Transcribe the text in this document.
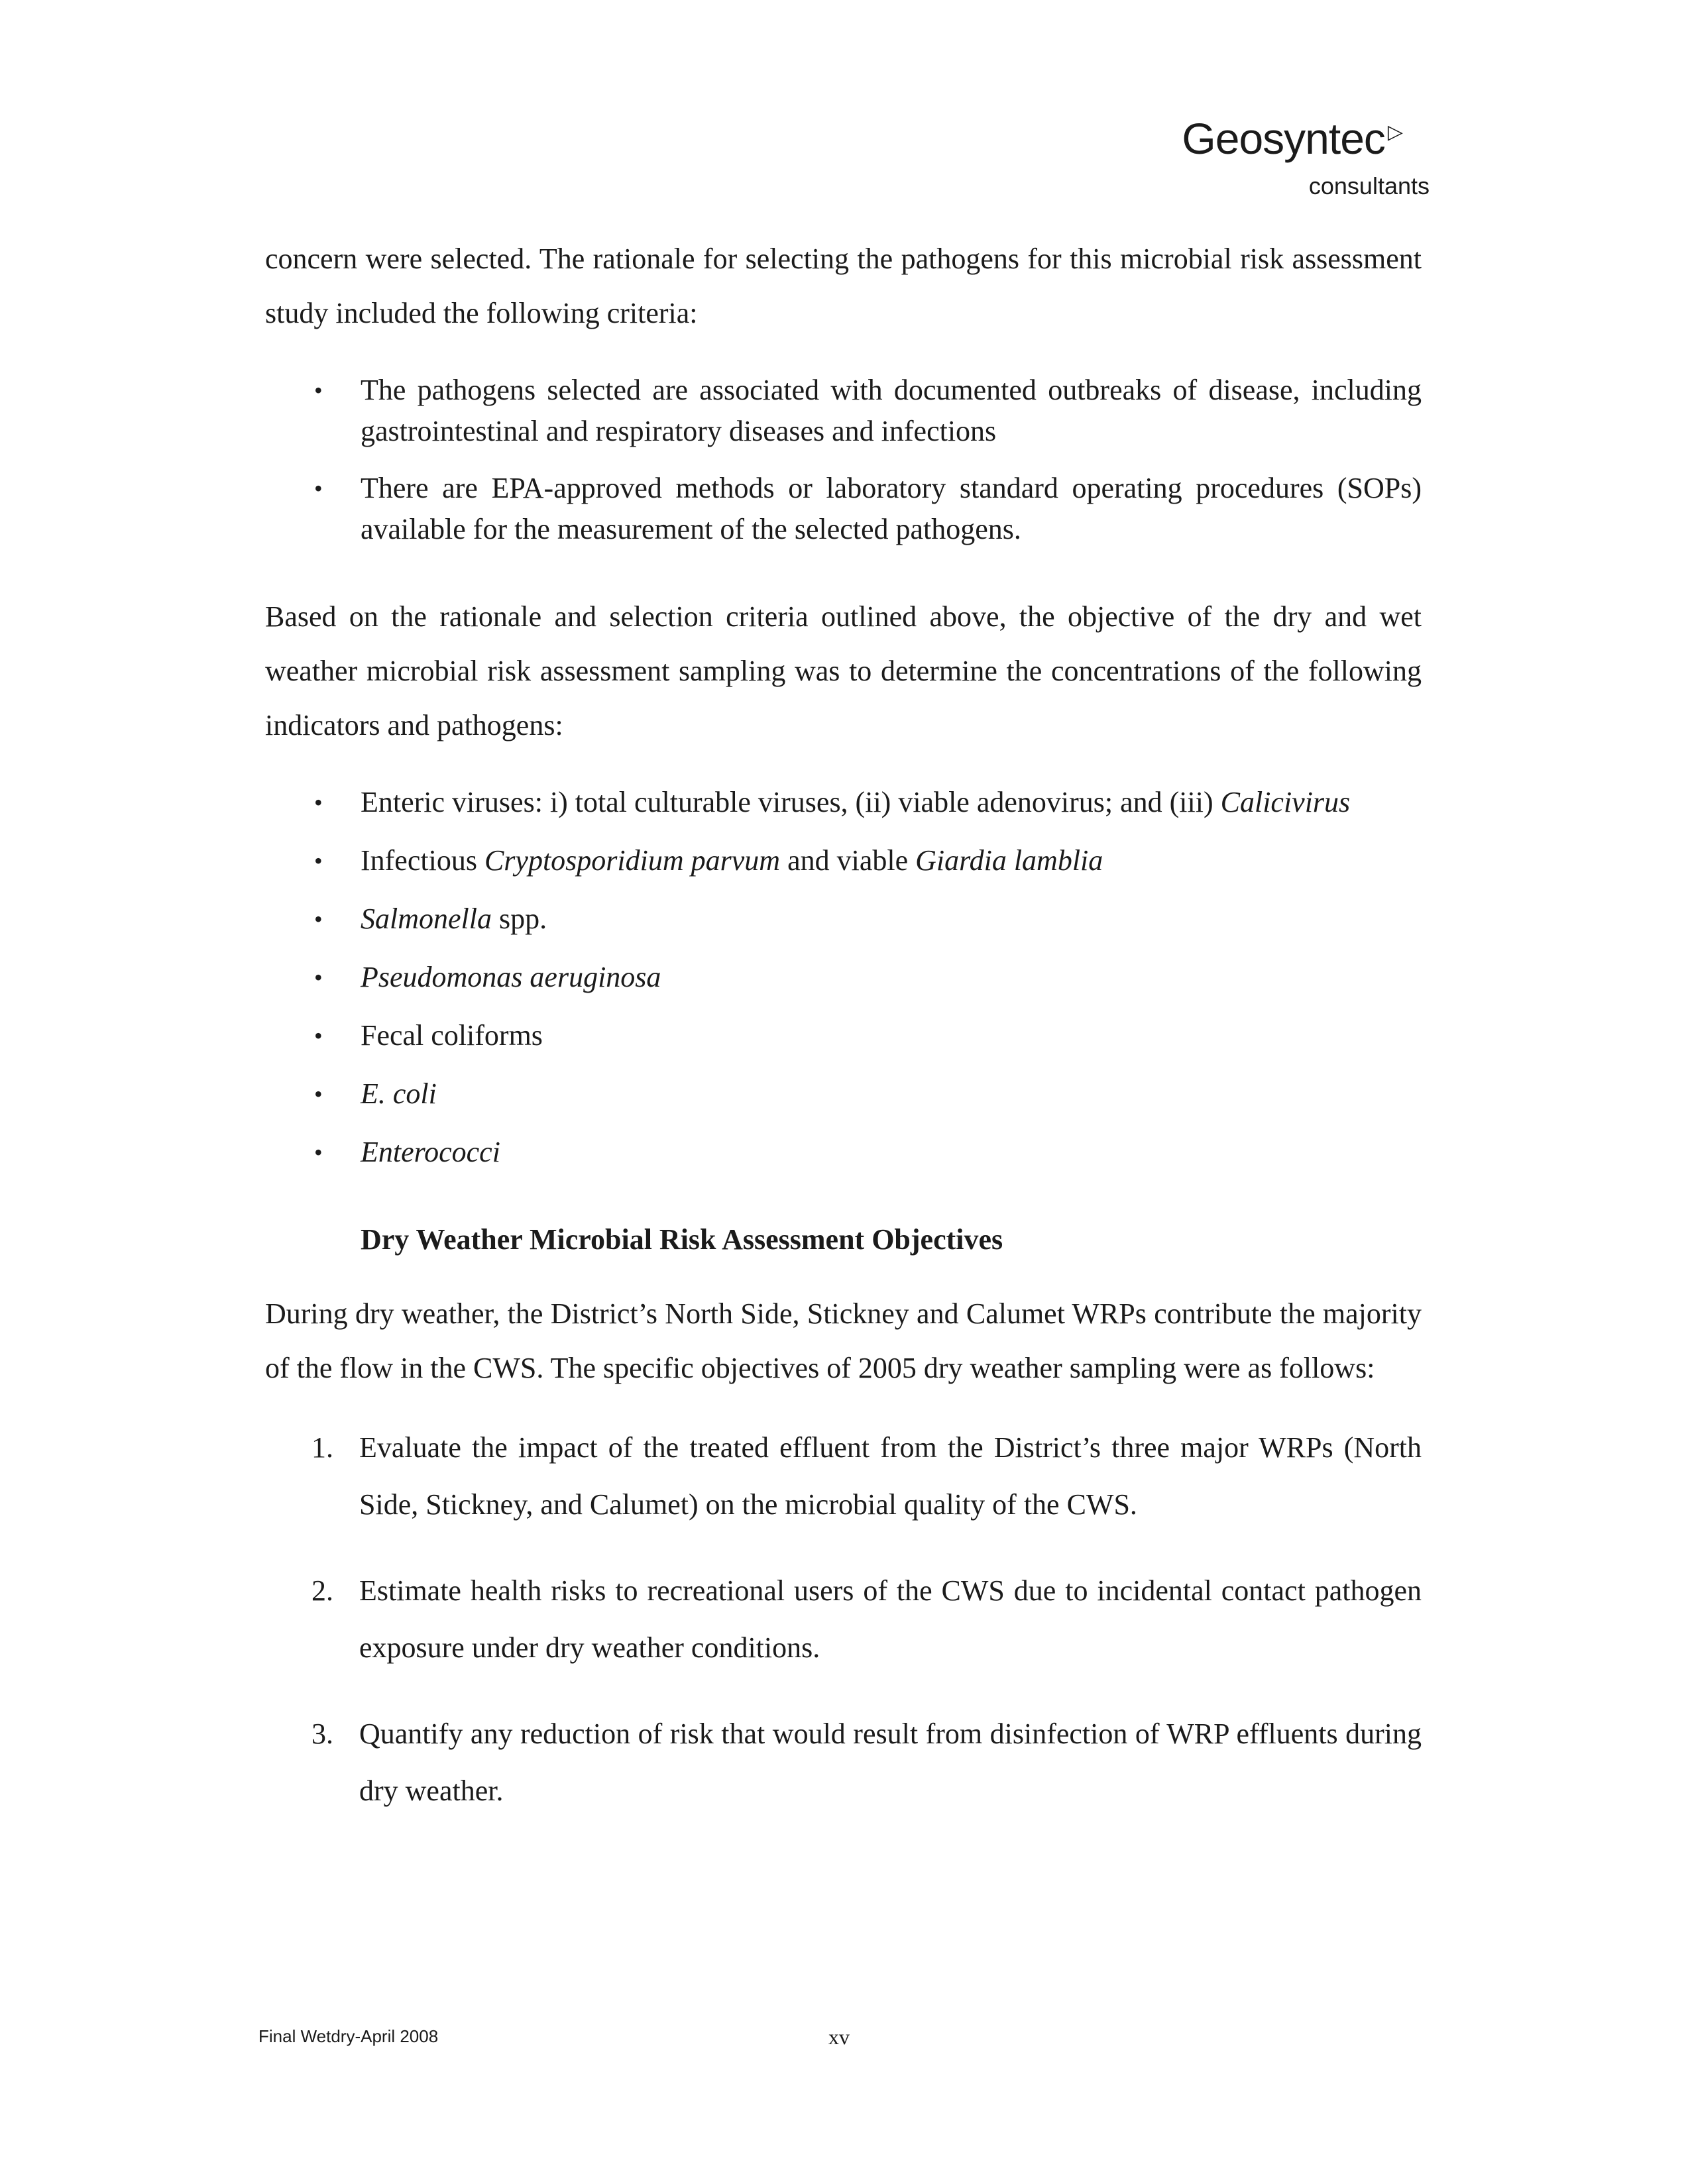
Geosyntec ▷
consultants

concern were selected. The rationale for selecting the pathogens for this microbial risk assessment study included the following criteria:

• The pathogens selected are associated with documented outbreaks of disease, including gastrointestinal and respiratory diseases and infections
• There are EPA-approved methods or laboratory standard operating procedures (SOPs) available for the measurement of the selected pathogens.

Based on the rationale and selection criteria outlined above, the objective of the dry and wet weather microbial risk assessment sampling was to determine the concentrations of the following indicators and pathogens:

• Enteric viruses: i) total culturable viruses, (ii) viable adenovirus; and (iii) Calicivirus
• Infectious Cryptosporidium parvum and viable Giardia lamblia
• Salmonella spp.
• Pseudomonas aeruginosa
• Fecal coliforms
• E. coli
• Enterococci
Dry Weather Microbial Risk Assessment Objectives

During dry weather, the District’s North Side, Stickney and Calumet WRPs contribute the majority of the flow in the CWS. The specific objectives of 2005 dry weather sampling were as follows:

1. Evaluate the impact of the treated effluent from the District’s three major WRPs (North Side, Stickney, and Calumet) on the microbial quality of the CWS.
2. Estimate health risks to recreational users of the CWS due to incidental contact pathogen exposure under dry weather conditions.
3. Quantify any reduction of risk that would result from disinfection of WRP effluents during dry weather.
Final Wetdry-April 2008	xv
